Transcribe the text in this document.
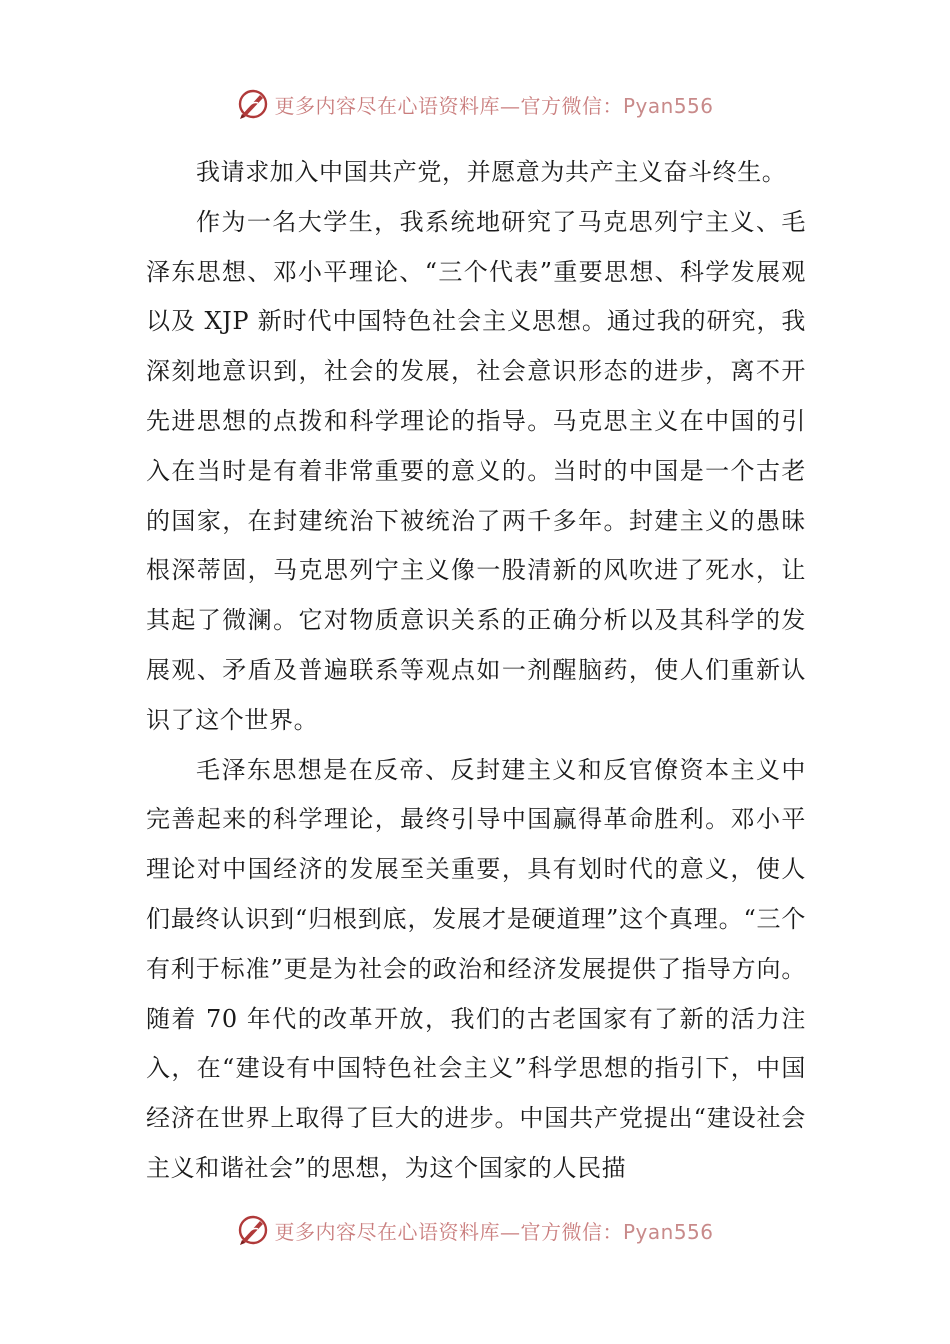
更多内容尽在心语资料库—官方微信：Pyan556

我请求加入中国共产党，并愿意为共产主义奋斗终生。

作为一名大学生，我系统地研究了马克思列宁主义、毛泽东思想、邓小平理论、“三个代表”重要思想、科学发展观以及 XJP 新时代中国特色社会主义思想。通过我的研究，我深刻地意识到，社会的发展，社会意识形态的进步，离不开先进思想的点拨和科学理论的指导。马克思主义在中国的引入在当时是有着非常重要的意义的。当时的中国是一个古老的国家，在封建统治下被统治了两千多年。封建主义的愚昧根深蒂固，马克思列宁主义像一股清新的风吹进了死水，让其起了微澜。它对物质意识关系的正确分析以及其科学的发展观、矛盾及普遍联系等观点如一剂醒脑药，使人们重新认识了这个世界。

毛泽东思想是在反帝、反封建主义和反官僚资本主义中完善起来的科学理论，最终引导中国赢得革命胜利。邓小平理论对中国经济的发展至关重要，具有划时代的意义，使人们最终认识到“归根到底，发展才是硬道理”这个真理。“三个有利于标准”更是为社会的政治和经济发展提供了指导方向。随着 70 年代的改革开放，我们的古老国家有了新的活力注入，在“建设有中国特色社会主义”科学思想的指引下，中国经济在世界上取得了巨大的进步。中国共产党提出“建设社会主义和谐社会”的思想，为这个国家的人民描

更多内容尽在心语资料库—官方微信：Pyan556
